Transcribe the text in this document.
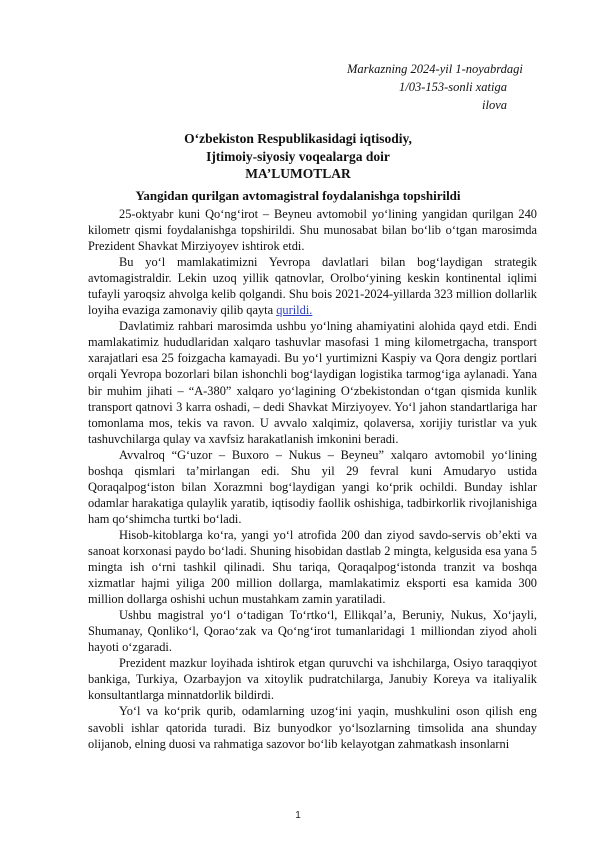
Markazning 2024-yil 1-noyabrdagi
1/03-153-sonli xatiga
ilova
O‘zbekiston Respublikasidagi iqtisodiy,
Ijtimoiy-siyosiy voqealarga doir
MA’LUMOTLAR
Yangidan qurilgan avtomagistral foydalanishga topshirildi

25-oktyabr kuni Qo‘ng‘irot – Beyneu avtomobil yo‘lining yangidan qurilgan 240 kilometr qismi foydalanishga topshirildi. Shu munosabat bilan bo‘lib o‘tgan marosimda Prezident Shavkat Mirziyoyev ishtirok etdi.

Bu yo‘l mamlakatimizni Yevropa davlatlari bilan bog‘laydigan strategik avtomagistraldir. Lekin uzoq yillik qatnovlar, Orolbo‘yining keskin kontinental iqlimi tufayli yaroqsiz ahvolga kelib qolgandi. Shu bois 2021-2024-yillarda 323 million dollarlik loyiha evaziga zamonaviy qilib qayta qurildi.

Davlatimiz rahbari marosimda ushbu yo‘lning ahamiyatini alohida qayd etdi. Endi mamlakatimiz hududlaridan xalqaro tashuvlar masofasi 1 ming kilometrgacha, transport xarajatlari esa 25 foizgacha kamayadi. Bu yo‘l yurtimizni Kaspiy va Qora dengiz portlari orqali Yevropa bozorlari bilan ishonchli bog‘laydigan logistika tarmog‘iga aylanadi. Yana bir muhim jihati – “A-380” xalqaro yo‘lagining O‘zbekistondan o‘tgan qismida kunlik transport qatnovi 3 karra oshadi, – dedi Shavkat Mirziyoyev. Yo‘l jahon standartlariga har tomonlama mos, tekis va ravon. U avvalo xalqimiz, qolaversa, xorijiy turistlar va yuk tashuvchilarga qulay va xavfsiz harakatlanish imkonini beradi.

Avvalroq “G‘uzor – Buxoro – Nukus – Beyneu” xalqaro avtomobil yo‘lining boshqa qismlari ta’mirlangan edi. Shu yil 29 fevral kuni Amudaryo ustida Qoraqalpog‘iston bilan Xorazmni bog‘laydigan yangi ko‘prik ochildi. Bunday ishlar odamlar harakatiga qulaylik yaratib, iqtisodiy faollik oshishiga, tadbirkorlik rivojlanishiga ham qo‘shimcha turtki bo‘ladi.

Hisob-kitoblarga ko‘ra, yangi yo‘l atrofida 200 dan ziyod savdo-servis ob’ekti va sanoat korxonasi paydo bo‘ladi. Shuning hisobidan dastlab 2 mingta, kelgusida esa yana 5 mingta ish o‘rni tashkil qilinadi. Shu tariqa, Qoraqalpog‘istonda tranzit va boshqa xizmatlar hajmi yiliga 200 million dollarga, mamlakatimiz eksporti esa kamida 300 million dollarga oshishi uchun mustahkam zamin yaratiladi.

Ushbu magistral yo‘l o‘tadigan To‘rtko‘l, Ellikqal’a, Beruniy, Nukus, Xo‘jayli, Shumanay, Qonliko‘l, Qorao‘zak va Qo‘ng‘irot tumanlaridagi 1 milliondan ziyod aholi hayoti o‘zgaradi.

Prezident mazkur loyihada ishtirok etgan quruvchi va ishchilarga, Osiyo taraqqiyot bankiga, Turkiya, Ozarbayjon va xitoylik pudratchilarga, Janubiy Koreya va italiyalik konsultantlarga minnatdorlik bildirdi.

Yo‘l va ko‘prik qurib, odamlarning uzog‘ini yaqin, mushkulini oson qilish eng savobli ishlar qatorida turadi. Biz bunyodkor yo‘lsozlarning timsolida ana shunday olijanob, elning duosi va rahmatiga sazovor bo‘lib kelayotgan zahmatkash insonlarni

1
